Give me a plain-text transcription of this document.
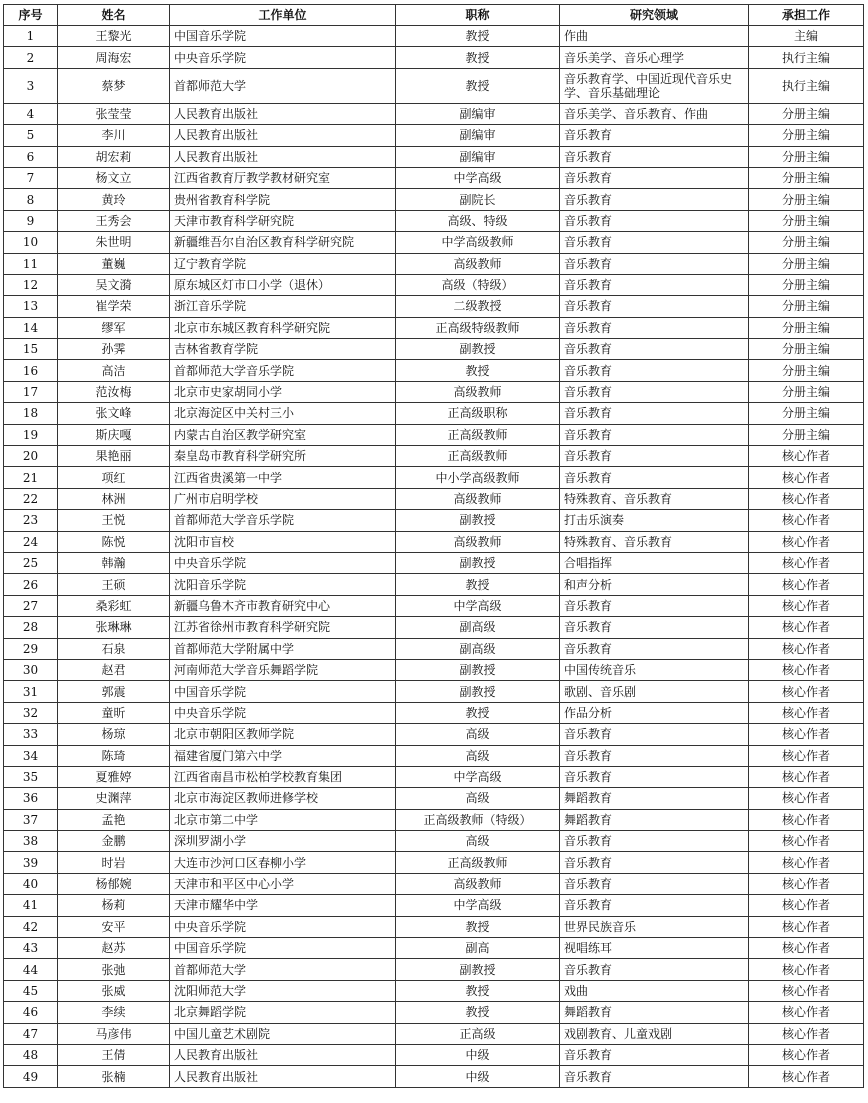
序号	姓名	工作单位	职称	研究领域	承担工作
1	王黎光	中国音乐学院	教授	作曲	主编
2	周海宏	中央音乐学院	教授	音乐美学、音乐心理学	执行主编
3	蔡梦	首都师范大学	教授	音乐教育学、中国近现代音乐史学、音乐基础理论	执行主编
4	张莹莹	人民教育出版社	副编审	音乐美学、音乐教育、作曲	分册主编
5	李川	人民教育出版社	副编审	音乐教育	分册主编
6	胡宏莉	人民教育出版社	副编审	音乐教育	分册主编
7	杨文立	江西省教育厅教学教材研究室	中学高级	音乐教育	分册主编
8	黄玲	贵州省教育科学院	副院长	音乐教育	分册主编
9	王秀会	天津市教育科学研究院	高级、特级	音乐教育	分册主编
10	朱世明	新疆维吾尔自治区教育科学研究院	中学高级教师	音乐教育	分册主编
11	董巍	辽宁教育学院	高级教师	音乐教育	分册主编
12	吴文漪	原东城区灯市口小学（退休）	高级（特级）	音乐教育	分册主编
13	崔学荣	浙江音乐学院	二级教授	音乐教育	分册主编
14	缪军	北京市东城区教育科学研究院	正高级特级教师	音乐教育	分册主编
15	孙霁	吉林省教育学院	副教授	音乐教育	分册主编
16	高洁	首都师范大学音乐学院	教授	音乐教育	分册主编
17	范汝梅	北京市史家胡同小学	高级教师	音乐教育	分册主编
18	张文峰	北京海淀区中关村三小	正高级职称	音乐教育	分册主编
19	斯庆嘎	内蒙古自治区教学研究室	正高级教师	音乐教育	分册主编
20	果艳丽	秦皇岛市教育科学研究所	正高级教师	音乐教育	核心作者
21	项红	江西省贵溪第一中学	中小学高级教师	音乐教育	核心作者
22	林洲	广州市启明学校	高级教师	特殊教育、音乐教育	核心作者
23	王悦	首都师范大学音乐学院	副教授	打击乐演奏	核心作者
24	陈悦	沈阳市盲校	高级教师	特殊教育、音乐教育	核心作者
25	韩瀚	中央音乐学院	副教授	合唱指挥	核心作者
26	王硕	沈阳音乐学院	教授	和声分析	核心作者
27	桑彩虹	新疆乌鲁木齐市教育研究中心	中学高级	音乐教育	核心作者
28	张琳琳	江苏省徐州市教育科学研究院	副高级	音乐教育	核心作者
29	石泉	首都师范大学附属中学	副高级	音乐教育	核心作者
30	赵君	河南师范大学音乐舞蹈学院	副教授	中国传统音乐	核心作者
31	郭震	中国音乐学院	副教授	歌剧、音乐剧	核心作者
32	童昕	中央音乐学院	教授	作品分析	核心作者
33	杨琼	北京市朝阳区教师学院	高级	音乐教育	核心作者
34	陈琦	福建省厦门第六中学	高级	音乐教育	核心作者
35	夏雅婷	江西省南昌市松柏学校教育集团	中学高级	音乐教育	核心作者
36	史渊萍	北京市海淀区教师进修学校	高级	舞蹈教育	核心作者
37	孟艳	北京市第二中学	正高级教师（特级）	舞蹈教育	核心作者
38	金鹏	深圳罗湖小学	高级	音乐教育	核心作者
39	时岩	大连市沙河口区春柳小学	正高级教师	音乐教育	核心作者
40	杨郁婉	天津市和平区中心小学	高级教师	音乐教育	核心作者
41	杨莉	天津市耀华中学	中学高级	音乐教育	核心作者
42	安平	中央音乐学院	教授	世界民族音乐	核心作者
43	赵苏	中国音乐学院	副高	视唱练耳	核心作者
44	张弛	首都师范大学	副教授	音乐教育	核心作者
45	张威	沈阳师范大学	教授	戏曲	核心作者
46	李续	北京舞蹈学院	教授	舞蹈教育	核心作者
47	马彦伟	中国儿童艺术剧院	正高级	戏剧教育、儿童戏剧	核心作者
48	王倩	人民教育出版社	中级	音乐教育	核心作者
49	张楠	人民教育出版社	中级	音乐教育	核心作者
